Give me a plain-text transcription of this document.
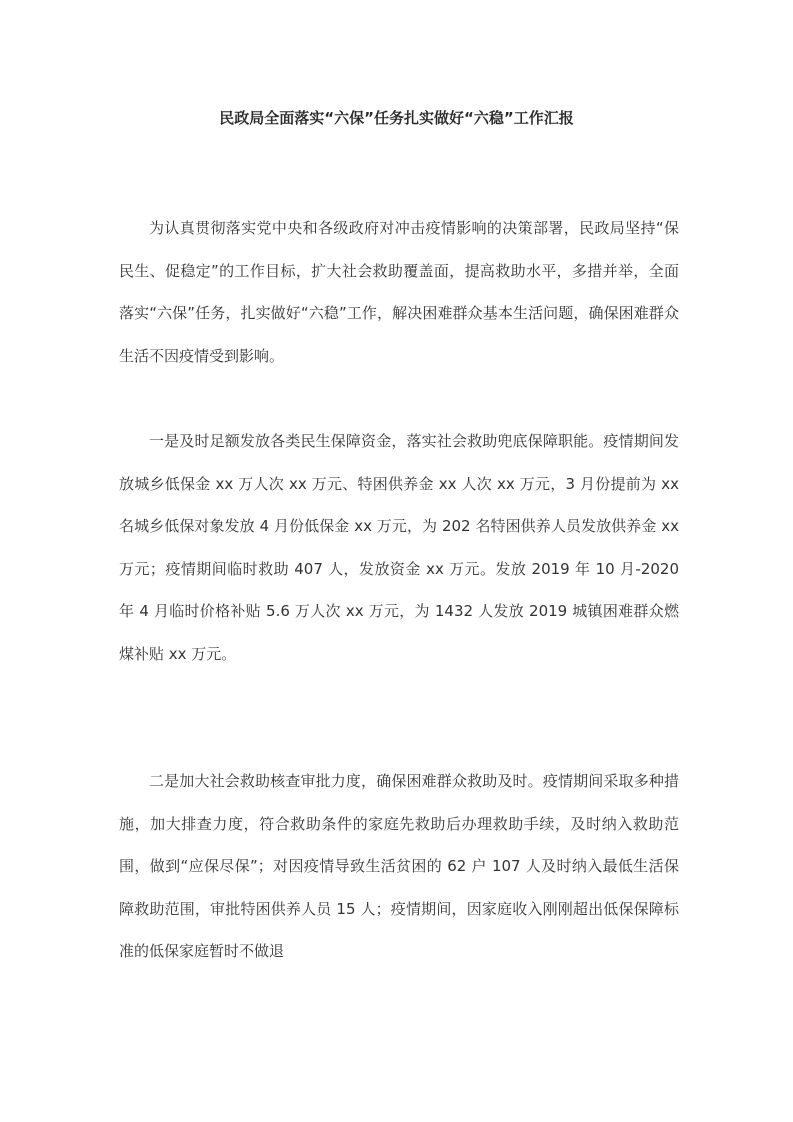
民政局全面落实“六保”任务扎实做好“六稳”工作汇报

为认真贯彻落实党中央和各级政府对冲击疫情影响的决策部署，民政局坚持“保民生、促稳定”的工作目标，扩大社会救助覆盖面，提高救助水平，多措并举，全面落实“六保”任务，扎实做好“六稳”工作，解决困难群众基本生活问题，确保困难群众生活不因疫情受到影响。

一是及时足额发放各类民生保障资金，落实社会救助兜底保障职能。疫情期间发放城乡低保金 xx 万人次 xx 万元、特困供养金 xx 人次 xx 万元，3 月份提前为 xx 名城乡低保对象发放 4 月份低保金 xx 万元，为 202 名特困供养人员发放供养金 xx 万元；疫情期间临时救助 407 人，发放资金 xx 万元。发放 2019 年 10 月-2020 年 4 月临时价格补贴 5.6 万人次 xx 万元，为 1432 人发放 2019 城镇困难群众燃煤补贴 xx 万元。

二是加大社会救助核查审批力度，确保困难群众救助及时。疫情期间采取多种措施，加大排查力度，符合救助条件的家庭先救助后办理救助手续，及时纳入救助范围，做到“应保尽保”；对因疫情导致生活贫困的 62 户 107 人及时纳入最低生活保障救助范围，审批特困供养人员 15 人；疫情期间，因家庭收入刚刚超出低保保障标准的低保家庭暂时不做退
